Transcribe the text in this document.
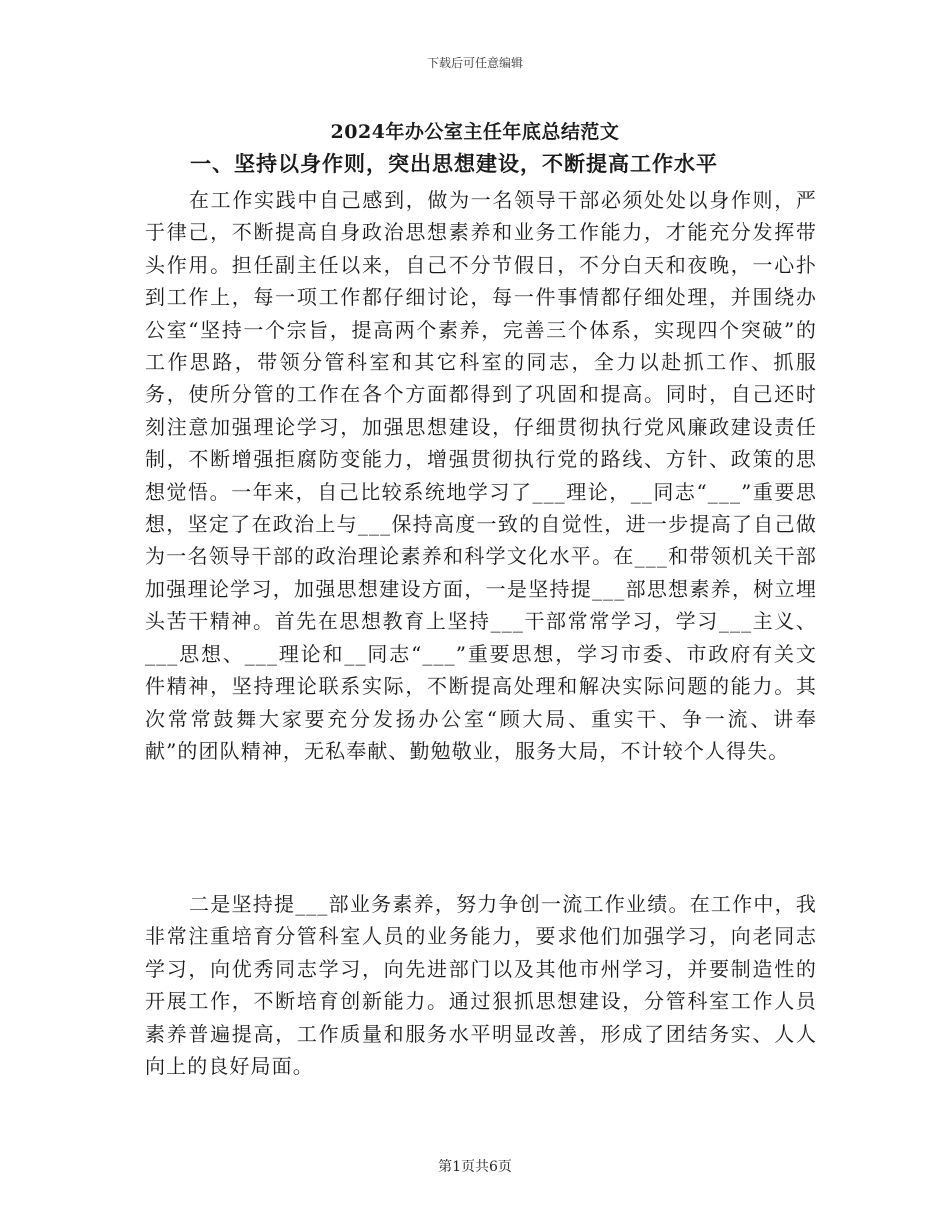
下载后可任意编辑
2024年办公室主任年底总结范文
一、坚持以身作则，突出思想建设，不断提高工作水平

在工作实践中自己感到，做为一名领导干部必须处处以身作则，严于律己，不断提高自身政治思想素养和业务工作能力，才能充分发挥带头作用。担任副主任以来，自己不分节假日，不分白天和夜晚，一心扑到工作上，每一项工作都仔细讨论，每一件事情都仔细处理，并围绕办公室“坚持一个宗旨，提高两个素养，完善三个体系，实现四个突破”的工作思路，带领分管科室和其它科室的同志，全力以赴抓工作、抓服务，使所分管的工作在各个方面都得到了巩固和提高。同时，自己还时刻注意加强理论学习，加强思想建设，仔细贯彻执行党风廉政建设责任制，不断增强拒腐防变能力，增强贯彻执行党的路线、方针、政策的思想觉悟。一年来，自己比较系统地学习了___理论，__同志“___”重要思想，坚定了在政治上与___保持高度一致的自觉性，进一步提高了自己做为一名领导干部的政治理论素养和科学文化水平。在___和带领机关干部加强理论学习，加强思想建设方面，一是坚持提___部思想素养，树立埋头苦干精神。首先在思想教育上坚持___干部常常学习，学习___主义、___思想、___理论和__同志“___”重要思想，学习市委、市政府有关文件精神，坚持理论联系实际，不断提高处理和解决实际问题的能力。其次常常鼓舞大家要充分发扬办公室“顾大局、重实干、争一流、讲奉献”的团队精神，无私奉献、勤勉敬业，服务大局，不计较个人得失。

二是坚持提___部业务素养，努力争创一流工作业绩。在工作中，我非常注重培育分管科室人员的业务能力，要求他们加强学习，向老同志学习，向优秀同志学习，向先进部门以及其他市州学习，并要制造性的开展工作，不断培育创新能力。通过狠抓思想建设，分管科室工作人员素养普遍提高，工作质量和服务水平明显改善，形成了团结务实、人人向上的良好局面。

第1页共6页
